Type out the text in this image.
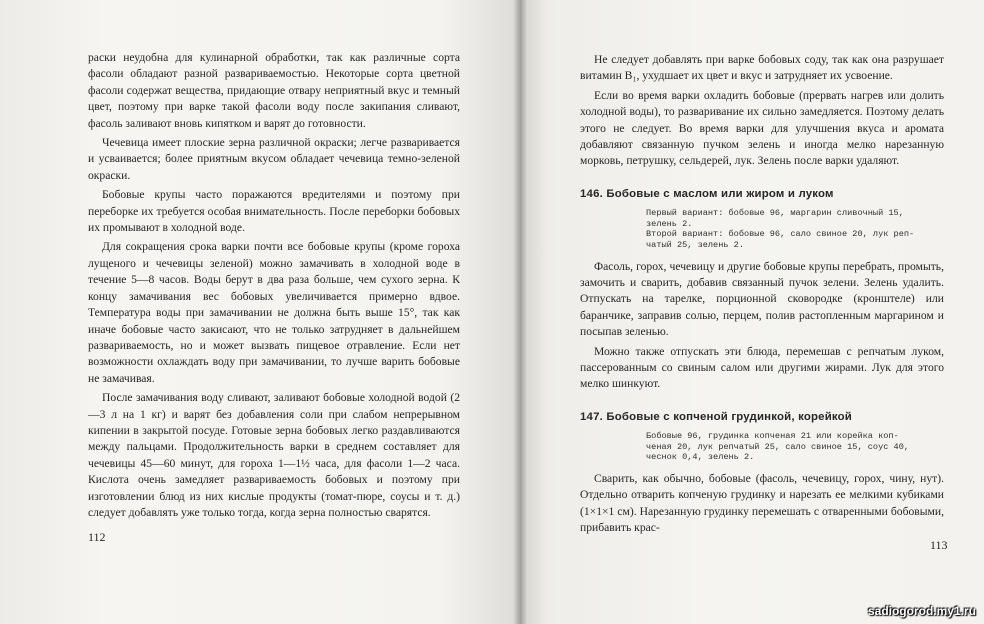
раски неудобна для кулинарной обработки, так как различные сорта фасоли обладают разной развариваемостью. Некоторые сорта цветной фасоли содержат вещества, придающие отвару неприятный вкус и темный цвет, поэтому при варке такой фасоли воду после закипания сливают, фасоль заливают вновь кипятком и варят до готовности.

Чечевица имеет плоские зерна различной окраски; легче разваривается и усваивается; более приятным вкусом обладает чечевица темно-зеленой окраски.

Бобовые крупы часто поражаются вредителями и поэтому при переборке их требуется особая внимательность. После переборки бобовых их промывают в холодной воде.

Для сокращения срока варки почти все бобовые крупы (кроме гороха лущеного и чечевицы зеленой) можно замачивать в холодной воде в течение 5—8 часов. Воды берут в два раза больше, чем сухого зерна. К концу замачивания вес бобовых увеличивается примерно вдвое. Температура воды при замачивании не должна быть выше 15°, так как иначе бобовые часто закисают, что не только затрудняет в дальнейшем развариваемость, но и может вызвать пищевое отравление. Если нет возможности охлаждать воду при замачивании, то лучше варить бобовые не замачивая.

После замачивания воду сливают, заливают бобовые холодной водой (2—3 л на 1 кг) и варят без добавления соли при слабом непрерывном кипении в закрытой посуде. Готовые зерна бобовых легко раздавливаются между пальцами. Продолжительность варки в среднем составляет для чечевицы 45—60 минут, для гороха 1—1½ часа, для фасоли 1—2 часа. Кислота очень замедляет развариваемость бобовых и поэтому при изготовлении блюд из них кислые продукты (томат-пюре, соусы и т. д.) следует добавлять уже только тогда, когда зерна полностью сварятся.

112

Не следует добавлять при варке бобовых соду, так как она разрушает витамин B₁, ухудшает их цвет и вкус и затрудняет их усвоение.

Если во время варки охладить бобовые (прервать нагрев или долить холодной воды), то разваривание их сильно замедляется. Поэтому делать этого не следует. Во время варки для улучшения вкуса и аромата добавляют связанную пучком зелень и иногда мелко нарезанную морковь, петрушку, сельдерей, лук. Зелень после варки удаляют.

146. Бобовые с маслом или жиром и луком
Первый вариант: бобовые 96, маргарин сливочный 15,
зелень 2.
Второй вариант: бобовые 96, сало свиное 20, лук реп-
чатый 25, зелень 2.

Фасоль, горох, чечевицу и другие бобовые крупы перебрать, промыть, замочить и сварить, добавив связанный пучок зелени. Зелень удалить. Отпускать на тарелке, порционной сковородке (кронштеле) или баранчике, заправив солью, перцем, полив растопленным маргарином и посыпав зеленью.

Можно также отпускать эти блюда, перемешав с репчатым луком, пассерованным со свиным салом или другими жирами. Лук для этого мелко шинкуют.

147. Бобовые с копченой грудинкой, корейкой
Бобовые 96, грудинка копченая 21 или корейка коп-
ченая 20, лук репчатый 25, сало свиное 15, соус 40,
чеснок 0,4, зелень 2.

Сварить, как обычно, бобовые (фасоль, чечевицу, горох, чину, нут). Отдельно отварить копченую грудинку и нарезать ее мелкими кубиками (1×1×1 см). Нарезанную грудинку перемешать с отваренными бобовыми, прибавить крас-

113
sadiogorod.my1.ru
